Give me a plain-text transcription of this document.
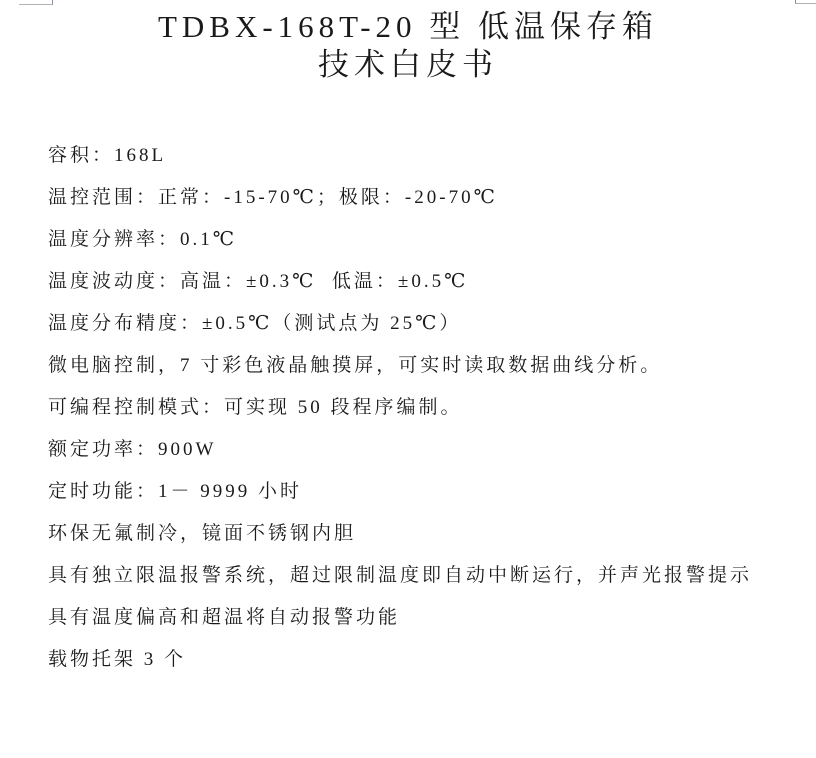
TDBX-168T-20 型 低温保存箱
技术白皮书

容积：168L

温控范围：正常：-15-70℃；极限：-20-70℃

温度分辨率：0.1℃

温度波动度：高温：±0.3℃  低温：±0.5℃

温度分布精度：±0.5℃（测试点为 25℃）

微电脑控制，7 寸彩色液晶触摸屏，可实时读取数据曲线分析。

可编程控制模式：可实现 50 段程序编制。

额定功率：900W

定时功能：1－ 9999 小时

环保无氟制冷，镜面不锈钢内胆

具有独立限温报警系统，超过限制温度即自动中断运行，并声光报警提示

具有温度偏高和超温将自动报警功能

载物托架 3 个
